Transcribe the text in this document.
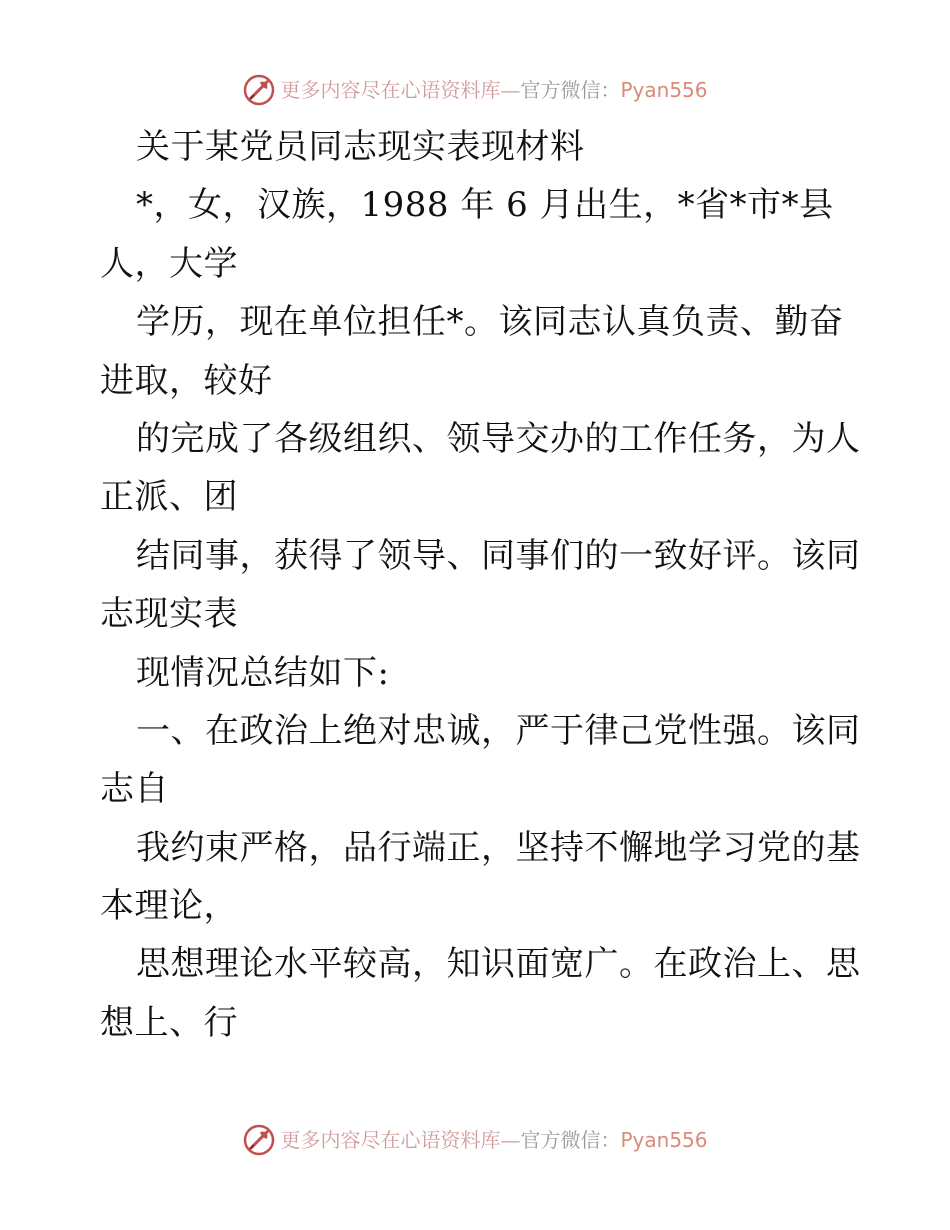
更多内容尽在心语资料库—官方微信：Pyan556
关于某党员同志现实表现材料
*，女，汉族，1988 年 6 月出生，*省*市*县
人，大学
学历，现在单位担任*。该同志认真负责、勤奋
进取，较好
的完成了各级组织、领导交办的工作任务，为人
正派、团
结同事，获得了领导、同事们的一致好评。该同
志现实表
现情况总结如下:
一、在政治上绝对忠诚，严于律己党性强。该同
志自
我约束严格，品行端正，坚持不懈地学习党的基
本理论，
思想理论水平较高，知识面宽广。在政治上、思
想上、行
更多内容尽在心语资料库—官方微信：Pyan556
